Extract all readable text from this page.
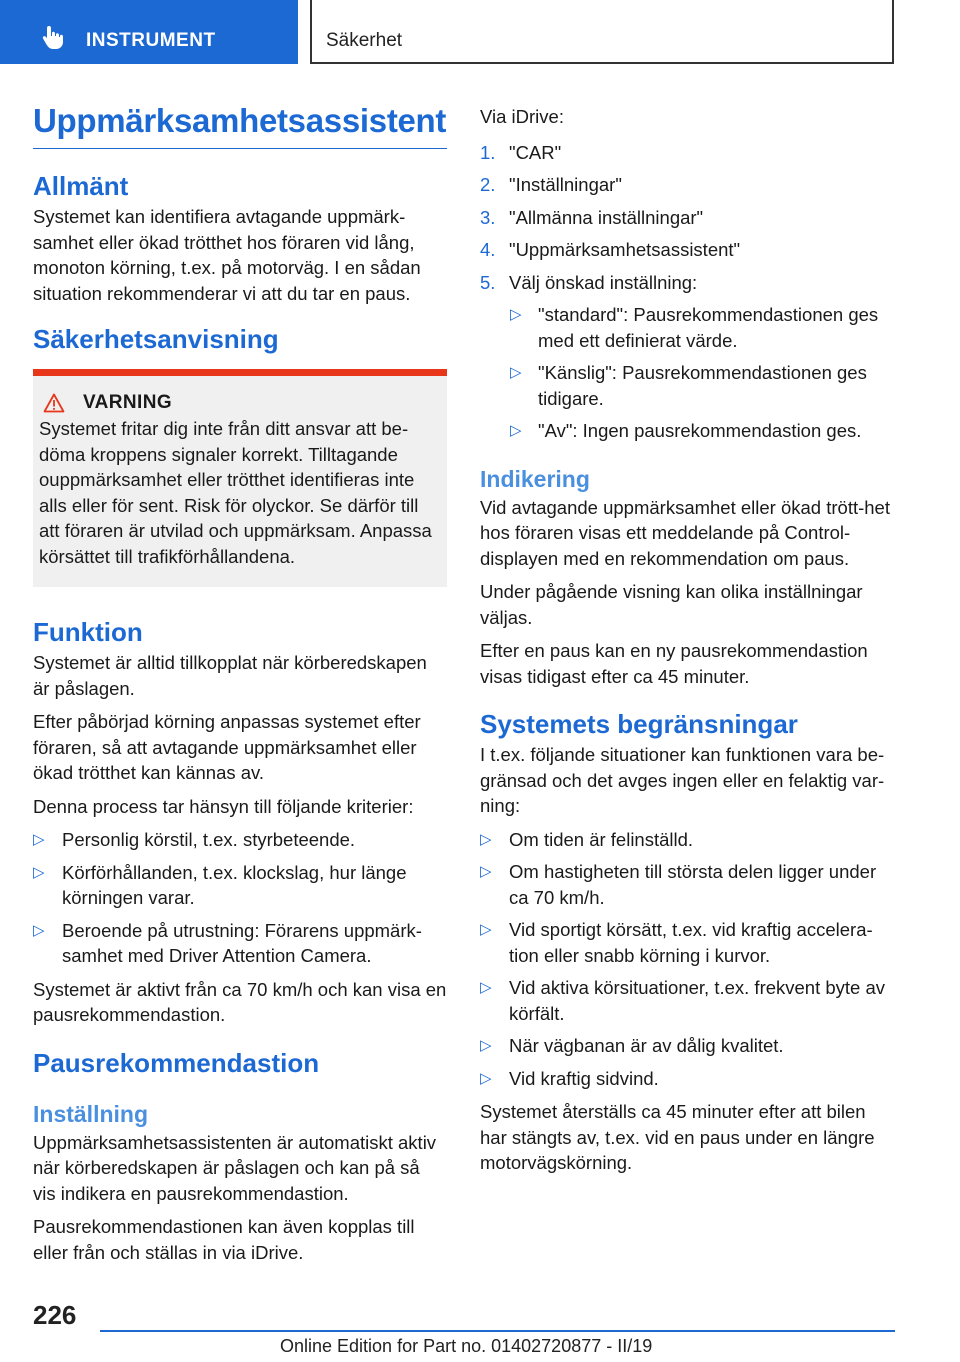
INSTRUMENT	Säkerhet
Uppmärksamhetsassistent
Allmänt

Systemet kan identifiera avtagande uppmärk-samhet eller ökad trötthet hos föraren vid lång, monoton körning, t.ex. på motorväg. I en sådan situation rekommenderar vi att du tar en paus.

Säkerhetsanvisning
VARNING

Systemet fritar dig inte från ditt ansvar att be-döma kroppens signaler korrekt. Tilltagande ouppmärksamhet eller trötthet identifieras inte alls eller för sent. Risk för olyckor. Se därför till att föraren är utvilad och uppmärksam. Anpassa körsättet till trafikförhållandena.

Funktion

Systemet är alltid tillkopplat när körberedskapen är påslagen.

Efter påbörjad körning anpassas systemet efter föraren, så att avtagande uppmärksamhet eller ökad trötthet kan kännas av.

Denna process tar hänsyn till följande kriterier:

▷ Personlig körstil, t.ex. styrbeteende.
▷ Körförhållanden, t.ex. klockslag, hur länge körningen varar.
▷ Beroende på utrustning: Förarens uppmärk-samhet med Driver Attention Camera.

Systemet är aktivt från ca 70 km/h och kan visa en pausrekommendastion.

Pausrekommendastion
Inställning

Uppmärksamhetsassistenten är automatiskt aktiv när körberedskapen är påslagen och kan på så vis indikera en pausrekommendastion.

Pausrekommendastionen kan även kopplas till eller från och ställas in via iDrive.

Via iDrive:

1. "CAR"
2. "Inställningar"
3. "Allmänna inställningar"
4. "Uppmärksamhetsassistent"
5. Välj önskad inställning:
▷ "standard": Pausrekommendastionen ges med ett definierat värde.
▷ "Känslig": Pausrekommendastionen ges tidigare.
▷ "Av": Ingen pausrekommendastion ges.
Indikering

Vid avtagande uppmärksamhet eller ökad trött-het hos föraren visas ett meddelande på Control-displayen med en rekommendation om paus.

Under pågående visning kan olika inställningar väljas.

Efter en paus kan en ny pausrekommendastion visas tidigast efter ca 45 minuter.

Systemets begränsningar

I t.ex. följande situationer kan funktionen vara be-gränsad och det avges ingen eller en felaktig var-ning:

▷ Om tiden är felinställd.
▷ Om hastigheten till största delen ligger under ca 70 km/h.
▷ Vid sportigt körsätt, t.ex. vid kraftig accelera-tion eller snabb körning i kurvor.
▷ Vid aktiva körsituationer, t.ex. frekvent byte av körfält.
▷ När vägbanan är av dålig kvalitet.
▷ Vid kraftig sidvind.

Systemet återställs ca 45 minuter efter att bilen har stängts av, t.ex. vid en paus under en längre motorvägskörning.

226
Online Edition for Part no. 01402720877 - II/19
